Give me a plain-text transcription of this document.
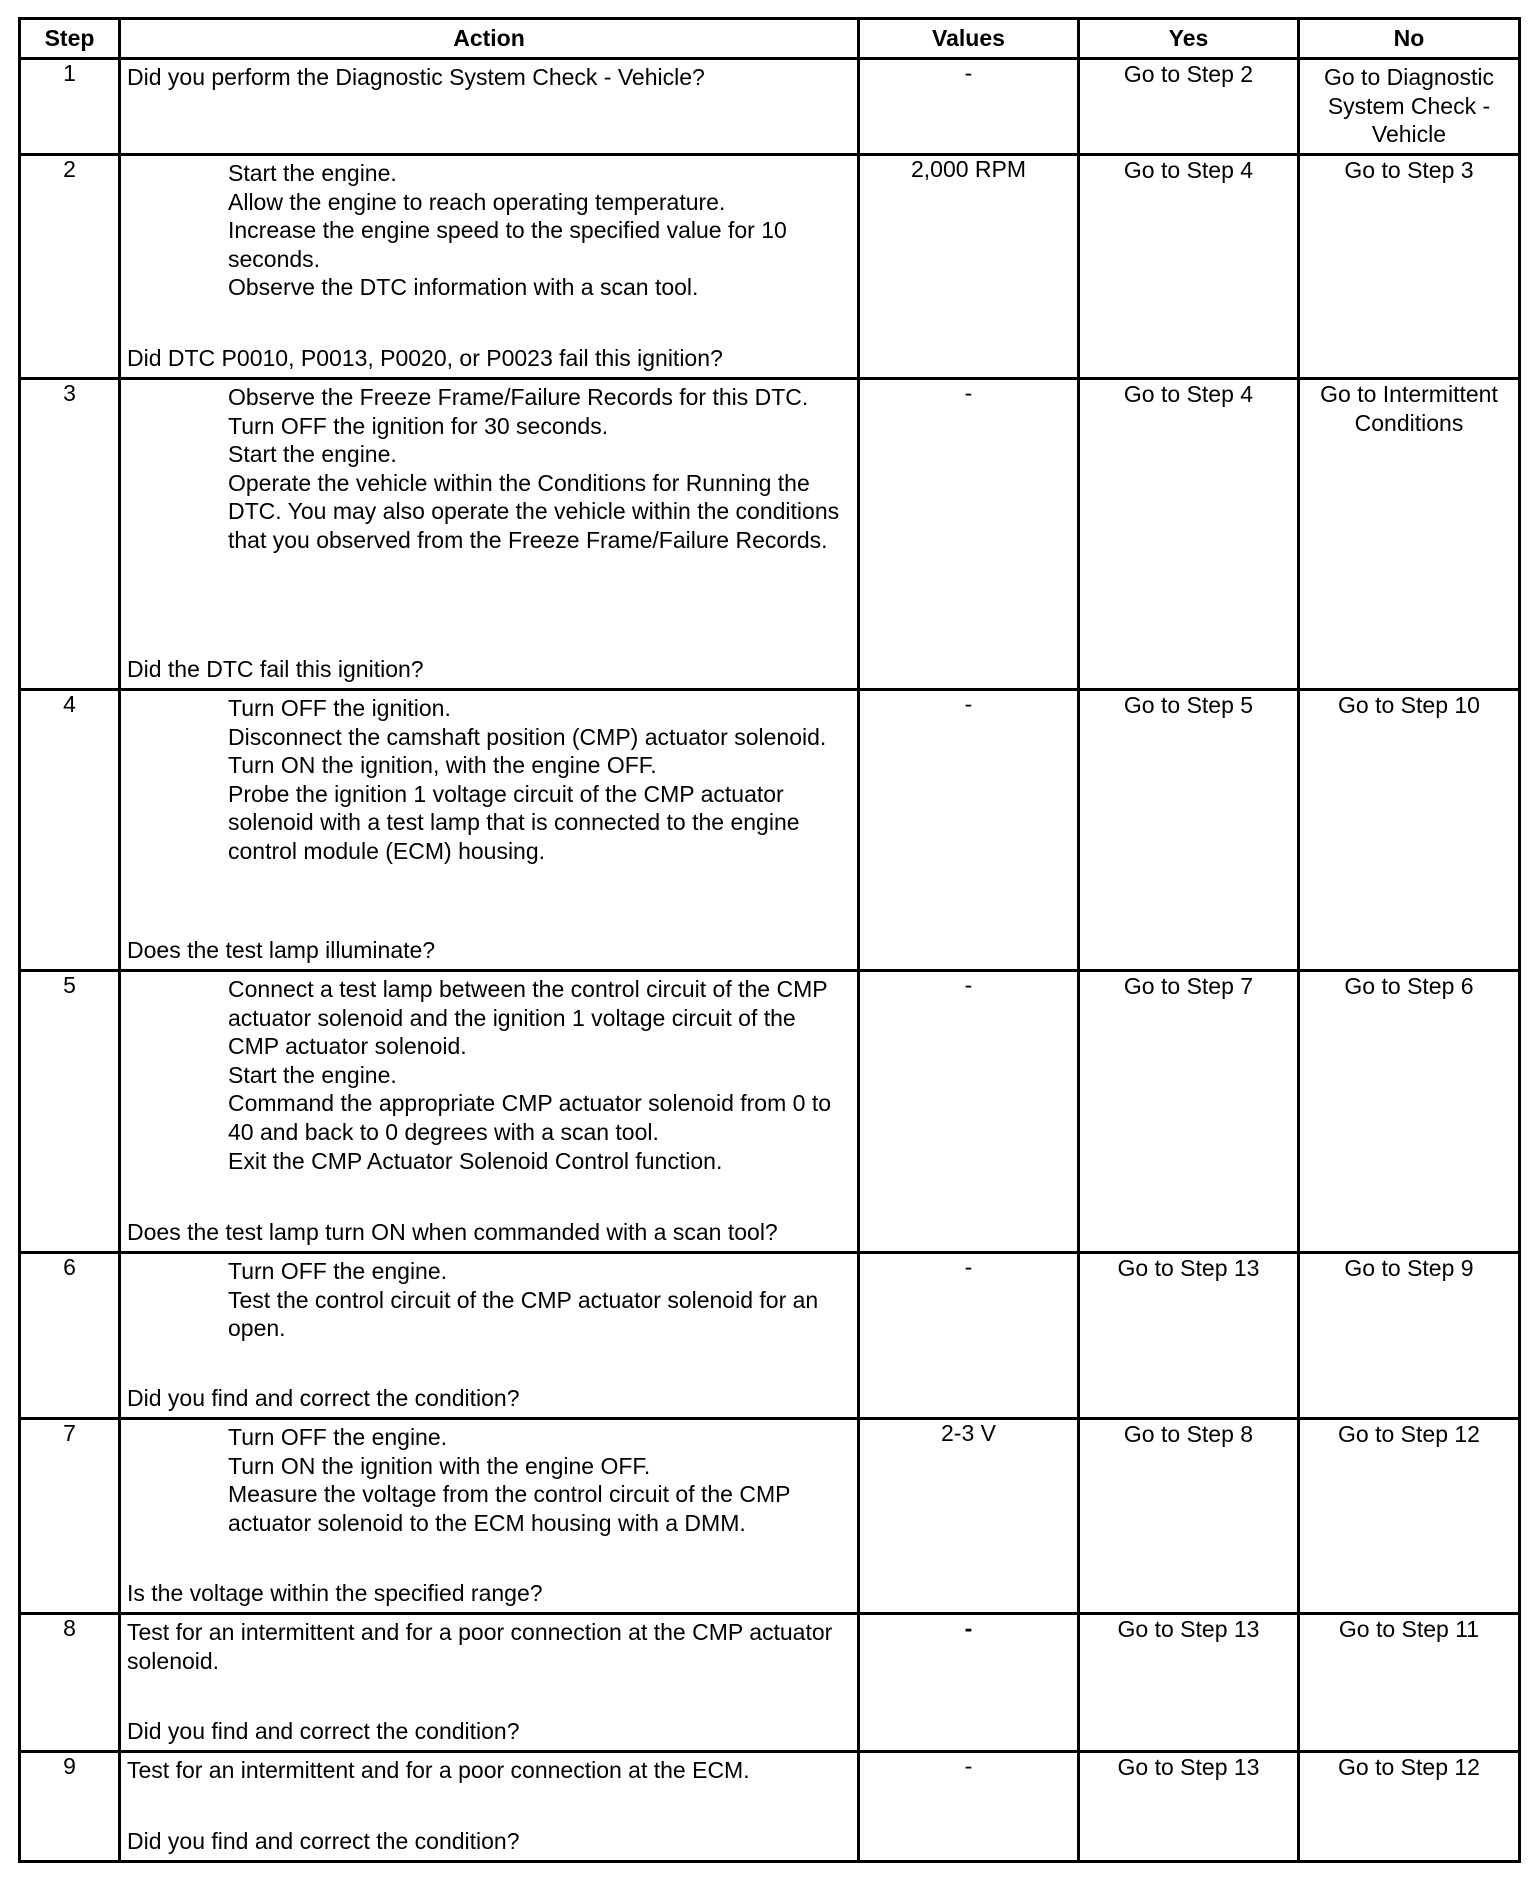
Step	Action	Values	Yes	No
1	Did you perform the Diagnostic System Check - Vehicle?	-	Go to Step 2	Go to Diagnostic System Check - Vehicle
2	Start the engine.
Allow the engine to reach operating temperature.
Increase the engine speed to the specified value for 10 seconds.
Observe the DTC information with a scan tool.
Did DTC P0010, P0013, P0020, or P0023 fail this ignition?	2,000 RPM	Go to Step 4	Go to Step 3
3	Observe the Freeze Frame/Failure Records for this DTC.
Turn OFF the ignition for 30 seconds.
Start the engine.
Operate the vehicle within the Conditions for Running the DTC. You may also operate the vehicle within the conditions that you observed from the Freeze Frame/Failure Records.
Did the DTC fail this ignition?	-	Go to Step 4	Go to Intermittent Conditions
4	Turn OFF the ignition.
Disconnect the camshaft position (CMP) actuator solenoid.
Turn ON the ignition, with the engine OFF.
Probe the ignition 1 voltage circuit of the CMP actuator solenoid with a test lamp that is connected to the engine control module (ECM) housing.
Does the test lamp illuminate?	-	Go to Step 5	Go to Step 10
5	Connect a test lamp between the control circuit of the CMP actuator solenoid and the ignition 1 voltage circuit of the CMP actuator solenoid.
Start the engine.
Command the appropriate CMP actuator solenoid from 0 to 40 and back to 0 degrees with a scan tool.
Exit the CMP Actuator Solenoid Control function.
Does the test lamp turn ON when commanded with a scan tool?	-	Go to Step 7	Go to Step 6
6	Turn OFF the engine.
Test the control circuit of the CMP actuator solenoid for an open.
Did you find and correct the condition?	-	Go to Step 13	Go to Step 9
7	Turn OFF the engine.
Turn ON the ignition with the engine OFF.
Measure the voltage from the control circuit of the CMP actuator solenoid to the ECM housing with a DMM.
Is the voltage within the specified range?	2-3 V	Go to Step 8	Go to Step 12
8	Test for an intermittent and for a poor connection at the CMP actuator solenoid.
Did you find and correct the condition?	-	Go to Step 13	Go to Step 11
9	Test for an intermittent and for a poor connection at the ECM.
Did you find and correct the condition?	-	Go to Step 13	Go to Step 12
